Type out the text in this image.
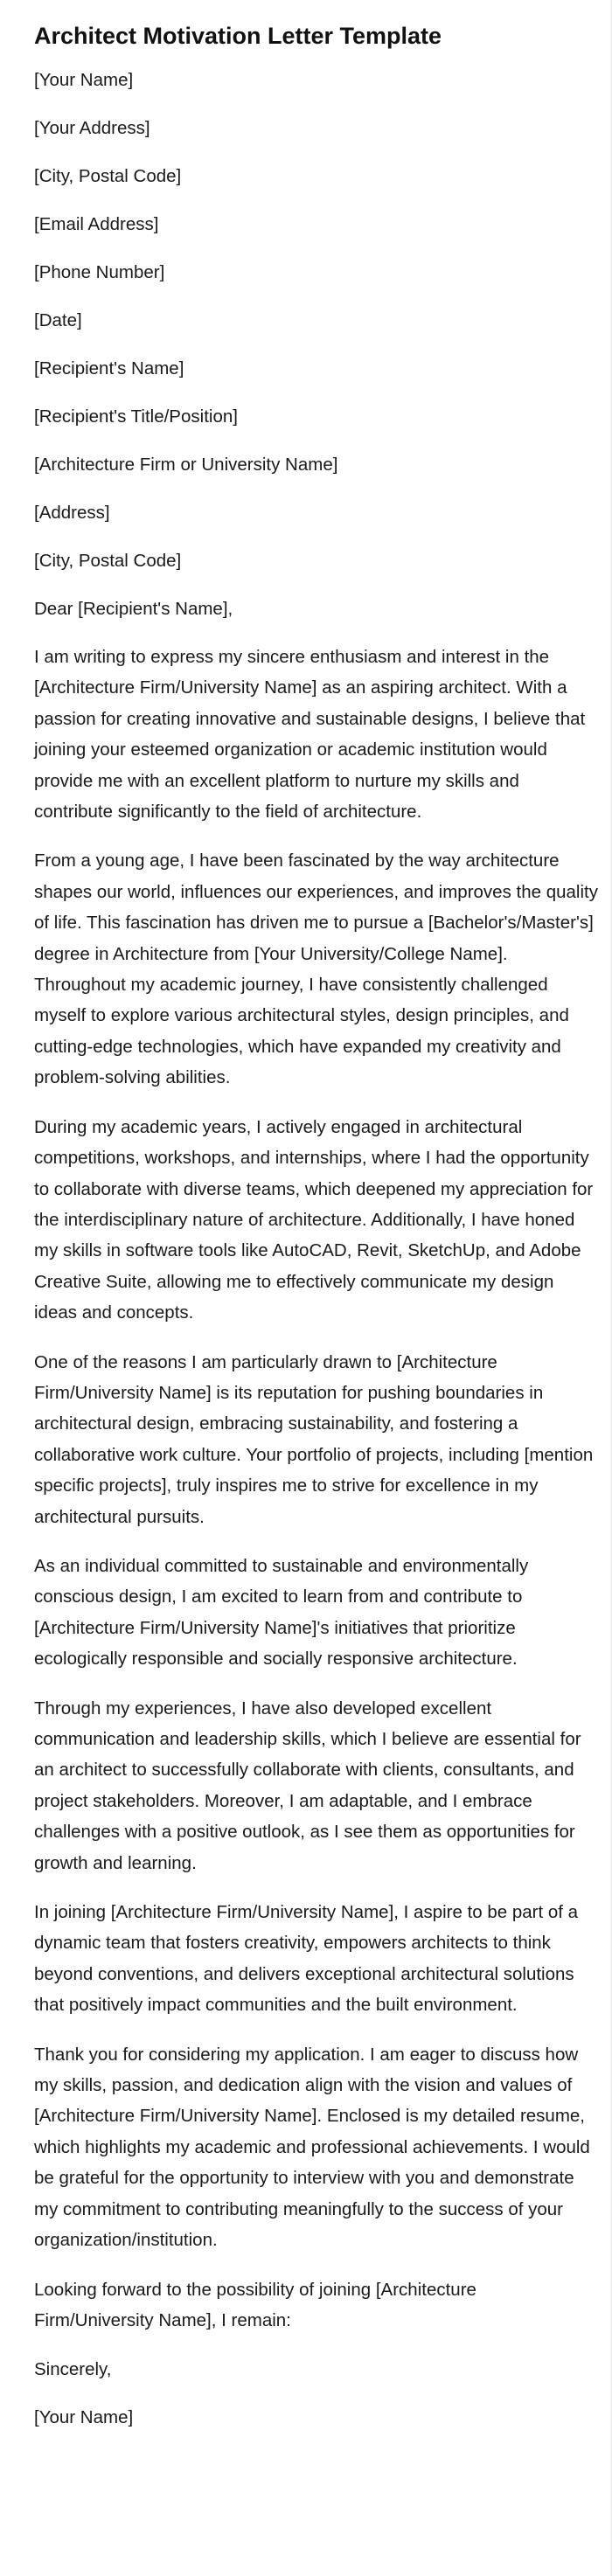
Architect Motivation Letter Template

[Your Name]

[Your Address]

[City, Postal Code]

[Email Address]

[Phone Number]

[Date]

[Recipient's Name]

[Recipient's Title/Position]

[Architecture Firm or University Name]

[Address]

[City, Postal Code]

Dear [Recipient's Name],

I am writing to express my sincere enthusiasm and interest in the [Architecture Firm/University Name] as an aspiring architect. With a passion for creating innovative and sustainable designs, I believe that joining your esteemed organization or academic institution would provide me with an excellent platform to nurture my skills and contribute significantly to the field of architecture.

From a young age, I have been fascinated by the way architecture shapes our world, influences our experiences, and improves the quality of life. This fascination has driven me to pursue a [Bachelor's/Master's] degree in Architecture from [Your University/College Name]. Throughout my academic journey, I have consistently challenged myself to explore various architectural styles, design principles, and cutting-edge technologies, which have expanded my creativity and problem-solving abilities.

During my academic years, I actively engaged in architectural competitions, workshops, and internships, where I had the opportunity to collaborate with diverse teams, which deepened my appreciation for the interdisciplinary nature of architecture. Additionally, I have honed my skills in software tools like AutoCAD, Revit, SketchUp, and Adobe Creative Suite, allowing me to effectively communicate my design ideas and concepts.

One of the reasons I am particularly drawn to [Architecture Firm/University Name] is its reputation for pushing boundaries in architectural design, embracing sustainability, and fostering a collaborative work culture. Your portfolio of projects, including [mention specific projects], truly inspires me to strive for excellence in my architectural pursuits.

As an individual committed to sustainable and environmentally conscious design, I am excited to learn from and contribute to [Architecture Firm/University Name]'s initiatives that prioritize ecologically responsible and socially responsive architecture.

Through my experiences, I have also developed excellent communication and leadership skills, which I believe are essential for an architect to successfully collaborate with clients, consultants, and project stakeholders. Moreover, I am adaptable, and I embrace challenges with a positive outlook, as I see them as opportunities for growth and learning.

In joining [Architecture Firm/University Name], I aspire to be part of a dynamic team that fosters creativity, empowers architects to think beyond conventions, and delivers exceptional architectural solutions that positively impact communities and the built environment.

Thank you for considering my application. I am eager to discuss how my skills, passion, and dedication align with the vision and values of [Architecture Firm/University Name]. Enclosed is my detailed resume, which highlights my academic and professional achievements. I would be grateful for the opportunity to interview with you and demonstrate my commitment to contributing meaningfully to the success of your organization/institution.

Looking forward to the possibility of joining [Architecture Firm/University Name], I remain:

Sincerely,

[Your Name]
